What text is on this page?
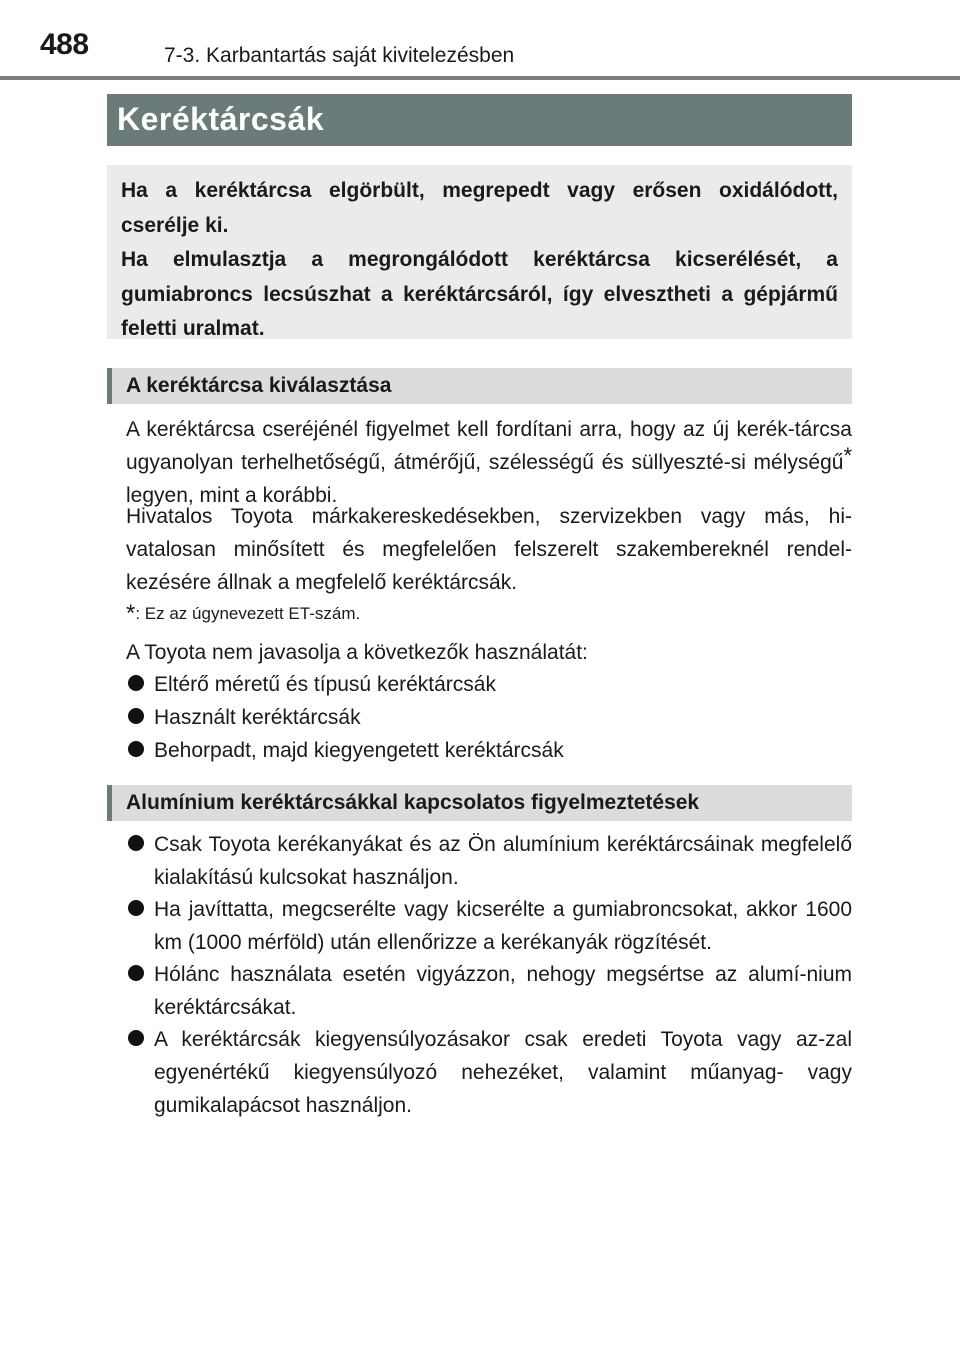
488	7-3. Karbantartás saját kivitelezésben
Keréktárcsák

Ha a keréktárcsa elgörbült, megrepedt vagy erősen oxidálódott, cserélje ki.

Ha elmulasztja a megrongálódott keréktárcsa kicserélését, a gumiabroncs lecsúszhat a keréktárcsáról, így elvesztheti a gépjármű feletti uralmat.

A keréktárcsa kiválasztása

A keréktárcsa cseréjénél figyelmet kell fordítani arra, hogy az új kerék-tárcsa ugyanolyan terhelhetőségű, átmérőjű, szélességű és süllyeszté-si mélységű* legyen, mint a korábbi.

Hivatalos Toyota márkakereskedésekben, szervizekben vagy más, hi-vatalosan minősített és megfelelően felszerelt szakembereknél rendel-kezésére állnak a megfelelő keréktárcsák.

*: Ez az úgynevezett ET-szám.

A Toyota nem javasolja a következők használatát:

Eltérő méretű és típusú keréktárcsák

Használt keréktárcsák

Behorpadt, majd kiegyengetett keréktárcsák

Alumínium keréktárcsákkal kapcsolatos figyelmeztetések

Csak Toyota kerékanyákat és az Ön alumínium keréktárcsáinak megfelelő kialakítású kulcsokat használjon.

Ha javíttatta, megcserélte vagy kicserélte a gumiabroncsokat, akkor 1600 km (1000 mérföld) után ellenőrizze a kerékanyák rögzítését.

Hólánc használata esetén vigyázzon, nehogy megsértse az alumí-nium keréktárcsákat.

A keréktárcsák kiegyensúlyozásakor csak eredeti Toyota vagy az-zal egyenértékű kiegyensúlyozó nehezéket, valamint műanyag- vagy gumikalapácsot használjon.
